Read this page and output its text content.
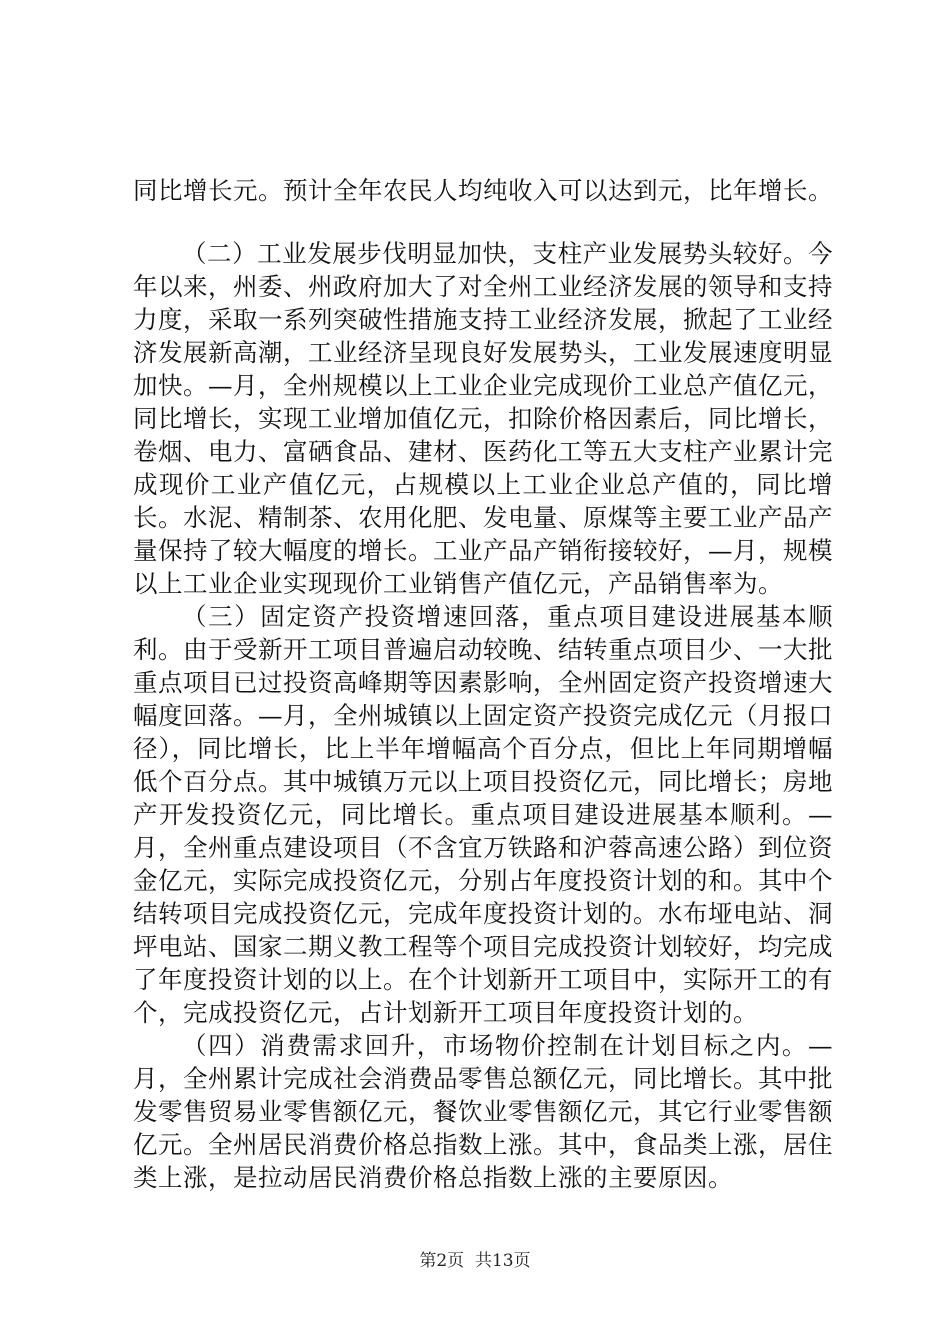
同比增长元。预计全年农民人均纯收入可以达到元，比年增长。

（二）工业发展步伐明显加快，支柱产业发展势头较好。今年以来，州委、州政府加大了对全州工业经济发展的领导和支持力度，采取一系列突破性措施支持工业经济发展，掀起了工业经济发展新高潮，工业经济呈现良好发展势头，工业发展速度明显加快。—月，全州规模以上工业企业完成现价工业总产值亿元，同比增长，实现工业增加值亿元，扣除价格因素后，同比增长，卷烟、电力、富硒食品、建材、医药化工等五大支柱产业累计完成现价工业产值亿元，占规模以上工业企业总产值的，同比增长。水泥、精制茶、农用化肥、发电量、原煤等主要工业产品产量保持了较大幅度的增长。工业产品产销衔接较好，—月，规模以上工业企业实现现价工业销售产值亿元，产品销售率为。

（三）固定资产投资增速回落，重点项目建设进展基本顺利。由于受新开工项目普遍启动较晚、结转重点项目少、一大批重点项目已过投资高峰期等因素影响，全州固定资产投资增速大幅度回落。—月，全州城镇以上固定资产投资完成亿元（月报口径），同比增长，比上半年增幅高个百分点，但比上年同期增幅低个百分点。其中城镇万元以上项目投资亿元，同比增长；房地产开发投资亿元，同比增长。重点项目建设进展基本顺利。—月，全州重点建设项目（不含宜万铁路和沪蓉高速公路）到位资金亿元，实际完成投资亿元，分别占年度投资计划的和。其中个结转项目完成投资亿元，完成年度投资计划的。水布垭电站、洞坪电站、国家二期义教工程等个项目完成投资计划较好，均完成了年度投资计划的以上。在个计划新开工项目中，实际开工的有个，完成投资亿元，占计划新开工项目年度投资计划的。

（四）消费需求回升，市场物价控制在计划目标之内。—月，全州累计完成社会消费品零售总额亿元，同比增长。其中批发零售贸易业零售额亿元，餐饮业零售额亿元，其它行业零售额亿元。全州居民消费价格总指数上涨。其中，食品类上涨，居住类上涨，是拉动居民消费价格总指数上涨的主要原因。

第2页  共13页
